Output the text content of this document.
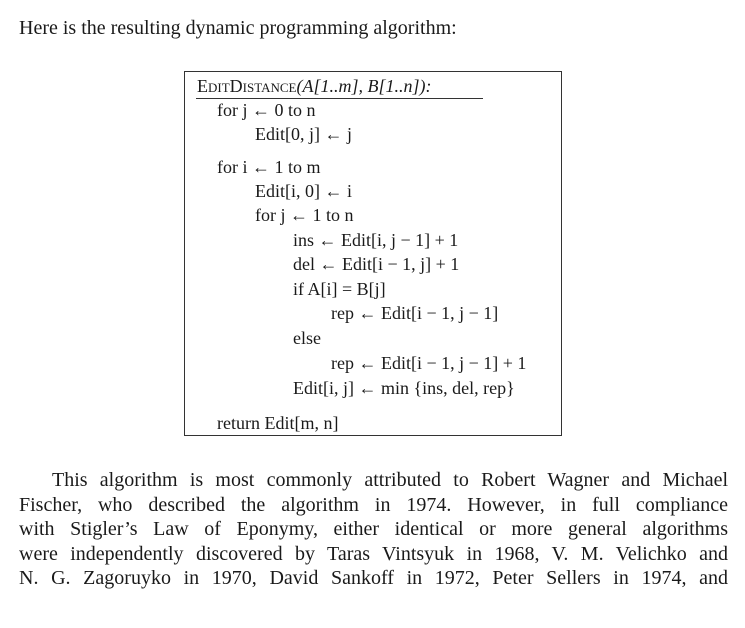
Here is the resulting dynamic programming algorithm:
EditDistance(A[1..m], B[1..n]):
for j ← 0 to n
Edit[0, j] ← j
for i ← 1 to m
Edit[i, 0] ← i
for j ← 1 to n
ins ← Edit[i, j − 1] + 1
del ← Edit[i − 1, j] + 1
if A[i] = B[j]
rep ← Edit[i − 1, j − 1]
else
rep ← Edit[i − 1, j − 1] + 1
Edit[i, j] ← min {ins, del, rep}
return Edit[m, n]
This algorithm is most commonly attributed to Robert Wagner and Michael
Fischer, who described the algorithm in 1974. However, in full compliance
with Stigler’s Law of Eponymy, either identical or more general algorithms
were independently discovered by Taras Vintsyuk in 1968, V. M. Velichko and
N. G. Zagoruyko in 1970, David Sankoff in 1972, Peter Sellers in 1974, and
